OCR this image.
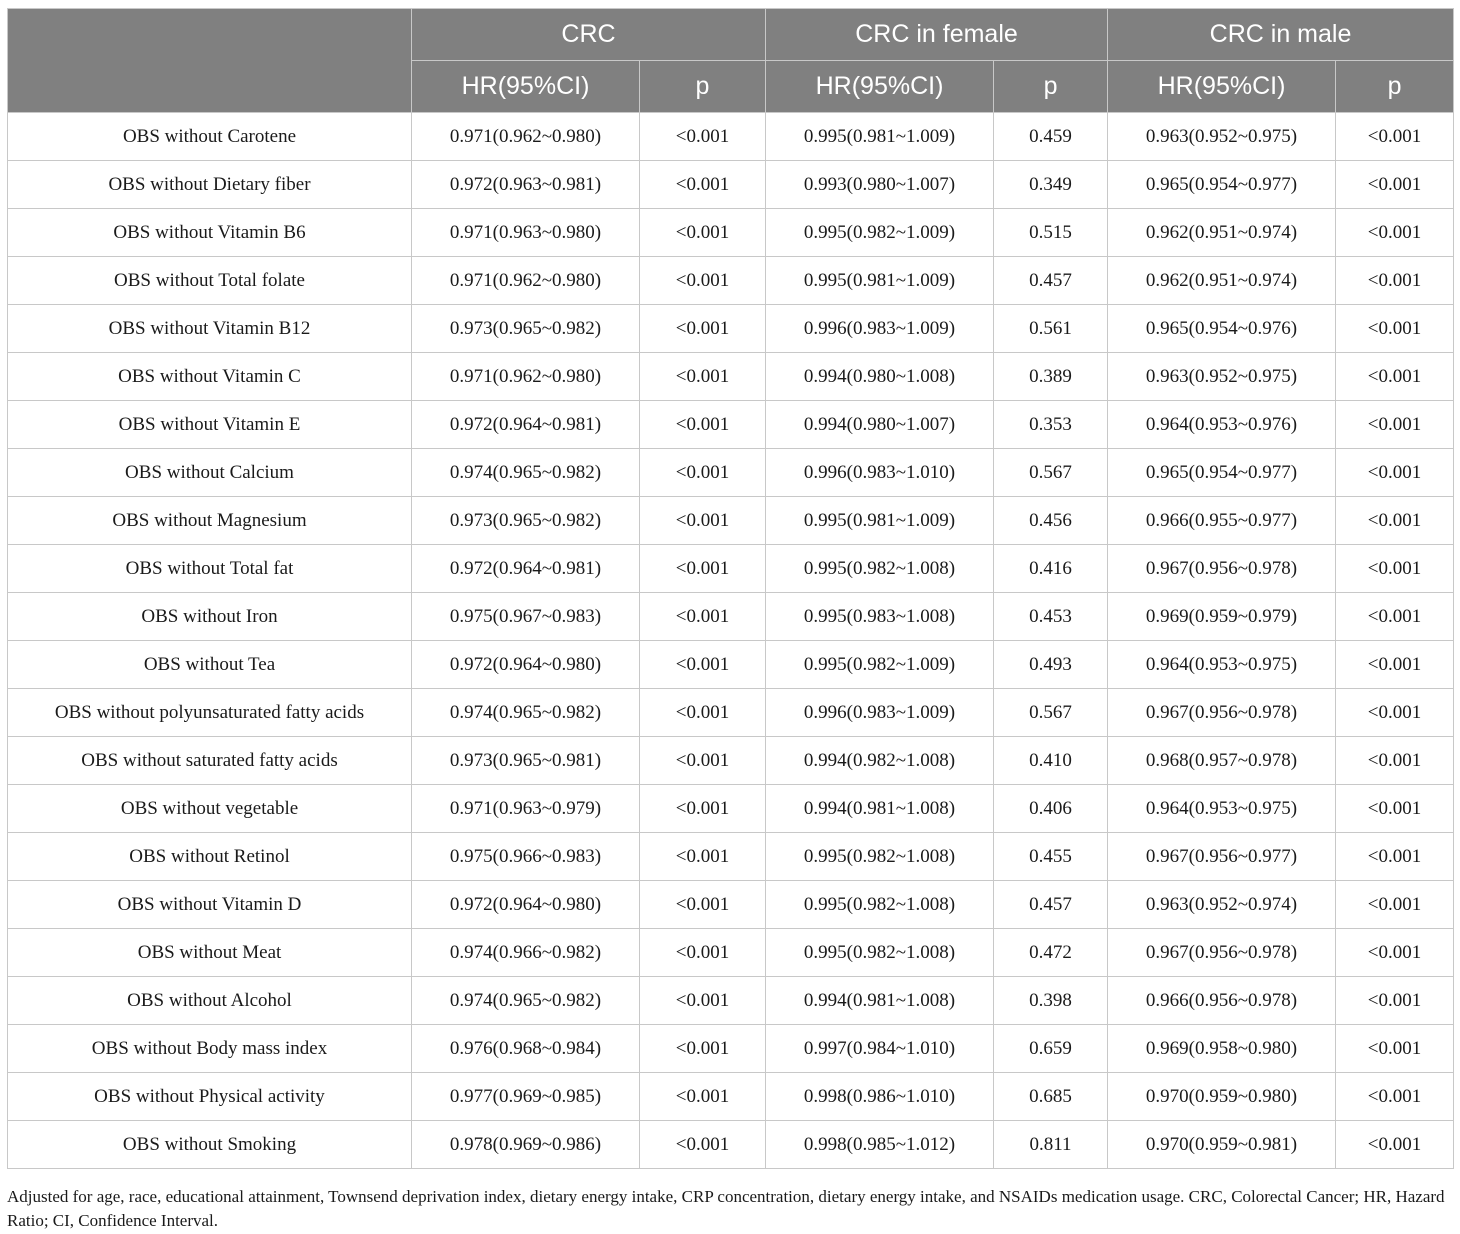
	CRC		CRC in female		CRC in male	
	HR(95%CI)	p	HR(95%CI)	p	HR(95%CI)	p
OBS without Carotene	0.971(0.962~0.980)	<0.001	0.995(0.981~1.009)	0.459	0.963(0.952~0.975)	<0.001
OBS without Dietary fiber	0.972(0.963~0.981)	<0.001	0.993(0.980~1.007)	0.349	0.965(0.954~0.977)	<0.001
OBS without Vitamin B6	0.971(0.963~0.980)	<0.001	0.995(0.982~1.009)	0.515	0.962(0.951~0.974)	<0.001
OBS without Total folate	0.971(0.962~0.980)	<0.001	0.995(0.981~1.009)	0.457	0.962(0.951~0.974)	<0.001
OBS without Vitamin B12	0.973(0.965~0.982)	<0.001	0.996(0.983~1.009)	0.561	0.965(0.954~0.976)	<0.001
OBS without Vitamin C	0.971(0.962~0.980)	<0.001	0.994(0.980~1.008)	0.389	0.963(0.952~0.975)	<0.001
OBS without Vitamin E	0.972(0.964~0.981)	<0.001	0.994(0.980~1.007)	0.353	0.964(0.953~0.976)	<0.001
OBS without Calcium	0.974(0.965~0.982)	<0.001	0.996(0.983~1.010)	0.567	0.965(0.954~0.977)	<0.001
OBS without Magnesium	0.973(0.965~0.982)	<0.001	0.995(0.981~1.009)	0.456	0.966(0.955~0.977)	<0.001
OBS without Total fat	0.972(0.964~0.981)	<0.001	0.995(0.982~1.008)	0.416	0.967(0.956~0.978)	<0.001
OBS without Iron	0.975(0.967~0.983)	<0.001	0.995(0.983~1.008)	0.453	0.969(0.959~0.979)	<0.001
OBS without Tea	0.972(0.964~0.980)	<0.001	0.995(0.982~1.009)	0.493	0.964(0.953~0.975)	<0.001
OBS without polyunsaturated fatty acids	0.974(0.965~0.982)	<0.001	0.996(0.983~1.009)	0.567	0.967(0.956~0.978)	<0.001
OBS without saturated fatty acids	0.973(0.965~0.981)	<0.001	0.994(0.982~1.008)	0.410	0.968(0.957~0.978)	<0.001
OBS without vegetable	0.971(0.963~0.979)	<0.001	0.994(0.981~1.008)	0.406	0.964(0.953~0.975)	<0.001
OBS without Retinol	0.975(0.966~0.983)	<0.001	0.995(0.982~1.008)	0.455	0.967(0.956~0.977)	<0.001
OBS without Vitamin D	0.972(0.964~0.980)	<0.001	0.995(0.982~1.008)	0.457	0.963(0.952~0.974)	<0.001
OBS without Meat	0.974(0.966~0.982)	<0.001	0.995(0.982~1.008)	0.472	0.967(0.956~0.978)	<0.001
OBS without Alcohol	0.974(0.965~0.982)	<0.001	0.994(0.981~1.008)	0.398	0.966(0.956~0.978)	<0.001
OBS without Body mass index	0.976(0.968~0.984)	<0.001	0.997(0.984~1.010)	0.659	0.969(0.958~0.980)	<0.001
OBS without Physical activity	0.977(0.969~0.985)	<0.001	0.998(0.986~1.010)	0.685	0.970(0.959~0.980)	<0.001
OBS without Smoking	0.978(0.969~0.986)	<0.001	0.998(0.985~1.012)	0.811	0.970(0.959~0.981)	<0.001
Adjusted for age, race, educational attainment, Townsend deprivation index, dietary energy intake, CRP concentration, dietary energy intake, and NSAIDs medication usage. CRC, Colorectal Cancer; HR, Hazard Ratio; CI, Confidence Interval.
